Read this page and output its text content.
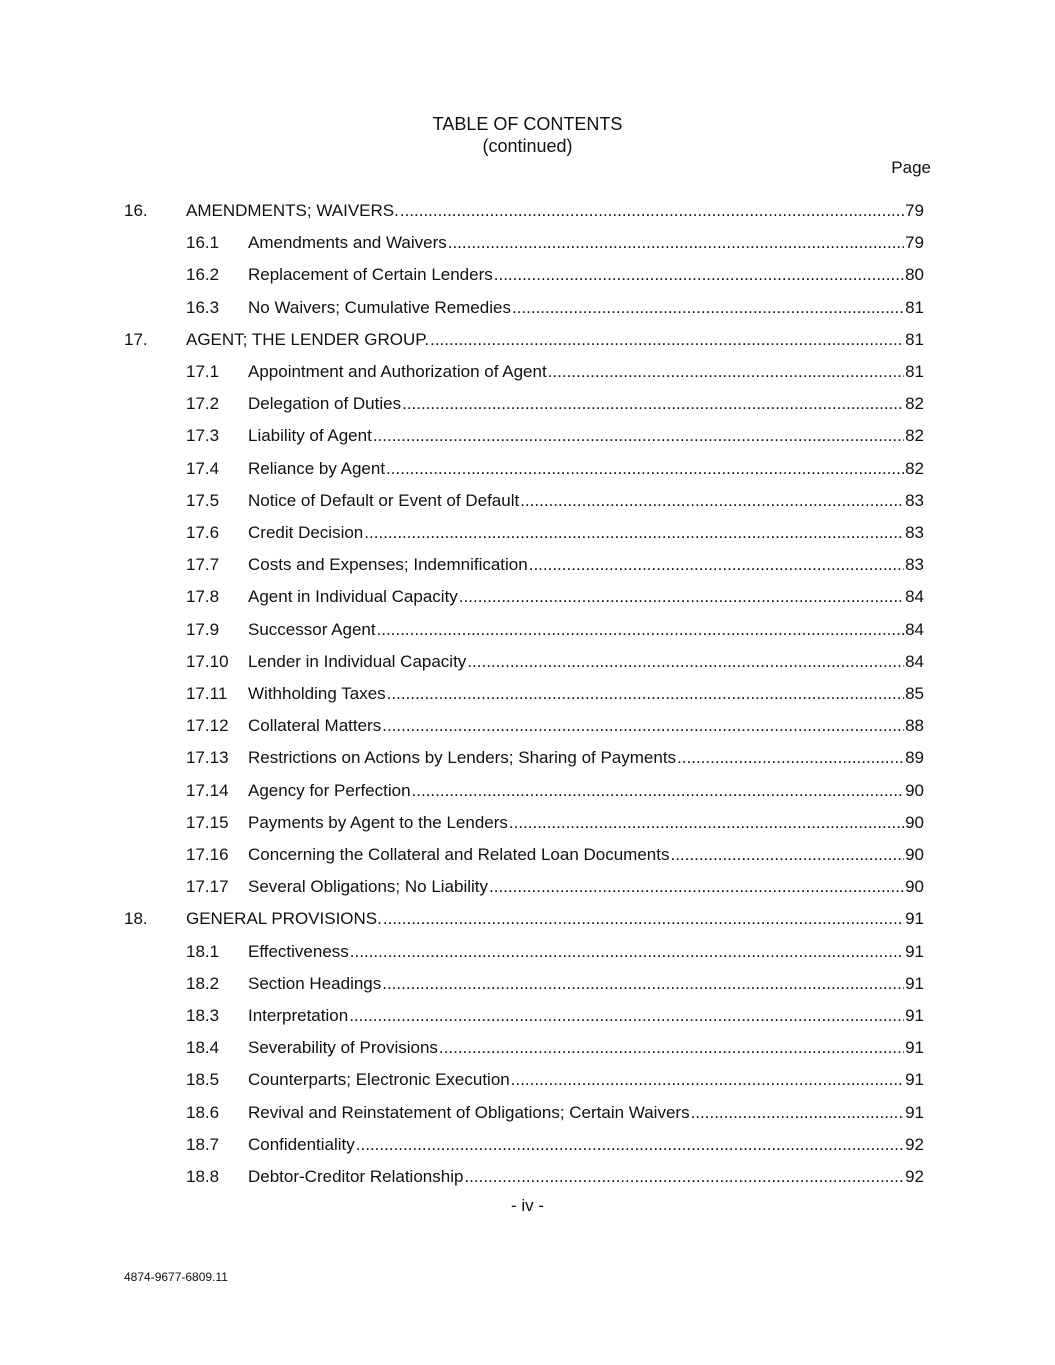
TABLE OF CONTENTS
(continued)
Page
16. AMENDMENTS; WAIVERS. .....	79
16.1 Amendments and Waivers .....	79
16.2 Replacement of Certain Lenders .....	80
16.3 No Waivers; Cumulative Remedies .....	81
17. AGENT; THE LENDER GROUP. .....	81
17.1 Appointment and Authorization of Agent .....	81
17.2 Delegation of Duties .....	82
17.3 Liability of Agent .....	82
17.4 Reliance by Agent .....	82
17.5 Notice of Default or Event of Default .....	83
17.6 Credit Decision .....	83
17.7 Costs and Expenses; Indemnification .....	83
17.8 Agent in Individual Capacity .....	84
17.9 Successor Agent .....	84
17.10 Lender in Individual Capacity .....	84
17.11 Withholding Taxes .....	85
17.12 Collateral Matters .....	88
17.13 Restrictions on Actions by Lenders; Sharing of Payments .....	89
17.14 Agency for Perfection .....	90
17.15 Payments by Agent to the Lenders .....	90
17.16 Concerning the Collateral and Related Loan Documents .....	90
17.17 Several Obligations; No Liability .....	90
18. GENERAL PROVISIONS. .....	91
18.1 Effectiveness .....	91
18.2 Section Headings .....	91
18.3 Interpretation .....	91
18.4 Severability of Provisions .....	91
18.5 Counterparts; Electronic Execution .....	91
18.6 Revival and Reinstatement of Obligations; Certain Waivers .....	91
18.7 Confidentiality .....	92
18.8 Debtor-Creditor Relationship .....	92
- iv -
4874-9677-6809.11
